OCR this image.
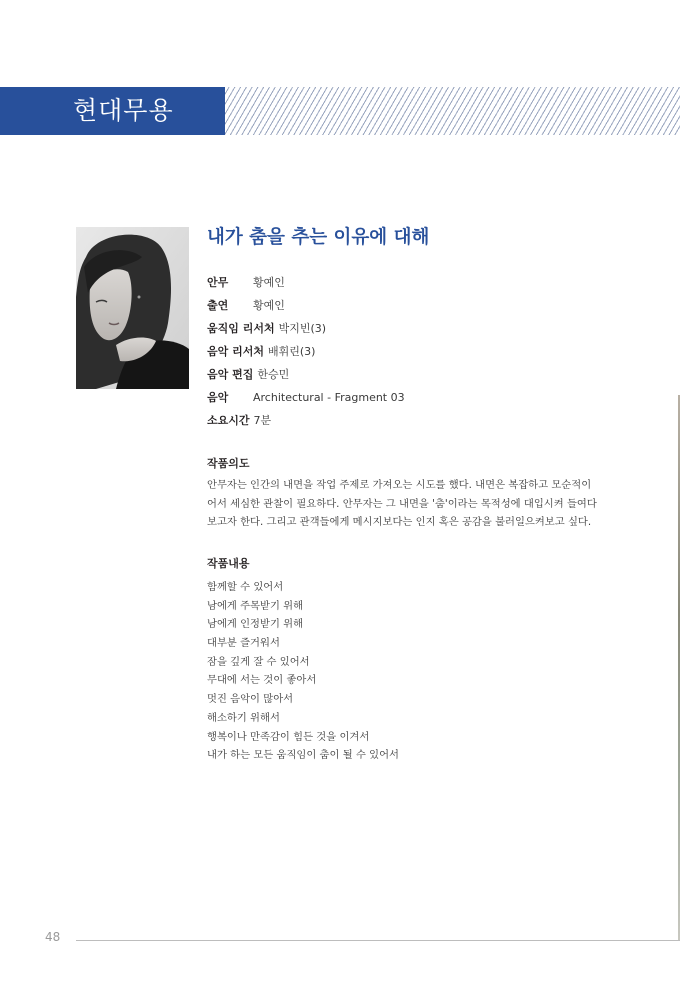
현대무용
내가 춤을 추는 이유에 대해
안무 황예인
출연 황예인
움직임 리서처 박지빈(3)
음악 리서처 배휘린(3)
음악 편집 한승민
음악 Architectural - Fragment 03
소요시간 7분
작품의도
안무자는 인간의 내면을 작업 주제로 가져오는 시도를 했다. 내면은 복잡하고 모순적이
어서 세심한 관찰이 필요하다. 안무자는 그 내면을 '춤'이라는 목적성에 대입시켜 들여다
보고자 한다. 그리고 관객들에게 메시지보다는 인지 혹은 공감을 불러일으켜보고 싶다.
작품내용
함께할 수 있어서
남에게 주목받기 위해
남에게 인정받기 위해
대부분 즐거워서
잠을 깊게 잘 수 있어서
무대에 서는 것이 좋아서
멋진 음악이 많아서
해소하기 위해서
행복이나 만족감이 힘든 것을 이겨서
내가 하는 모든 움직임이 춤이 될 수 있어서
48
